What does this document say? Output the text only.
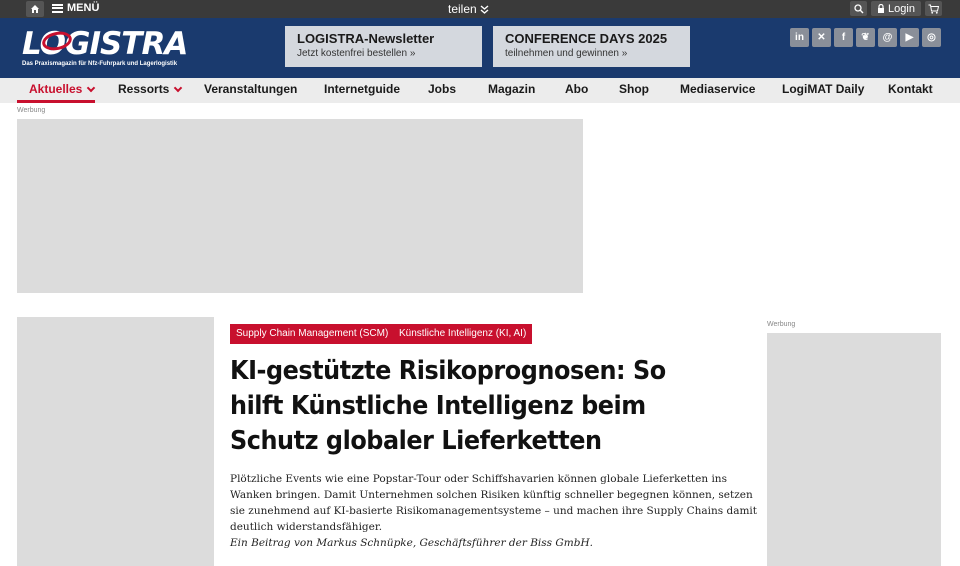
MENÜ	teilen	Login
LOGISTRA
Das Praxismagazin für Nfz-Fuhrpark und Lagerlogistik
LOGISTRA-Newsletter
Jetzt kostenfrei bestellen »
CONFERENCE DAYS 2025
teilnehmen und gewinnen »
in	✕	f	❦	@	▶	◎
Aktuelles	Ressorts	Veranstaltungen Internetguide Jobs	Magazin Abo	Shop	Mediaservice LogiMAT Daily Kontakt
Werbung
Werbung
Supply Chain Management (SCM)	Künstliche Intelligenz (KI, AI)
KI-gestützte Risikoprognosen: So hilft Künstliche Intelligenz beim Schutz globaler Lieferketten

Plötzliche Events wie eine Popstar-Tour oder Schiffshavarien können globale Lieferketten ins Wanken bringen. Damit Unternehmen solchen Risiken künftig schneller begegnen können, setzen sie zunehmend auf KI-basierte Risikomanagementsysteme – und machen ihre Supply Chains damit deutlich widerstandsfähiger.

Ein Beitrag von Markus Schnüpke, Geschäftsführer der Biss GmbH.
